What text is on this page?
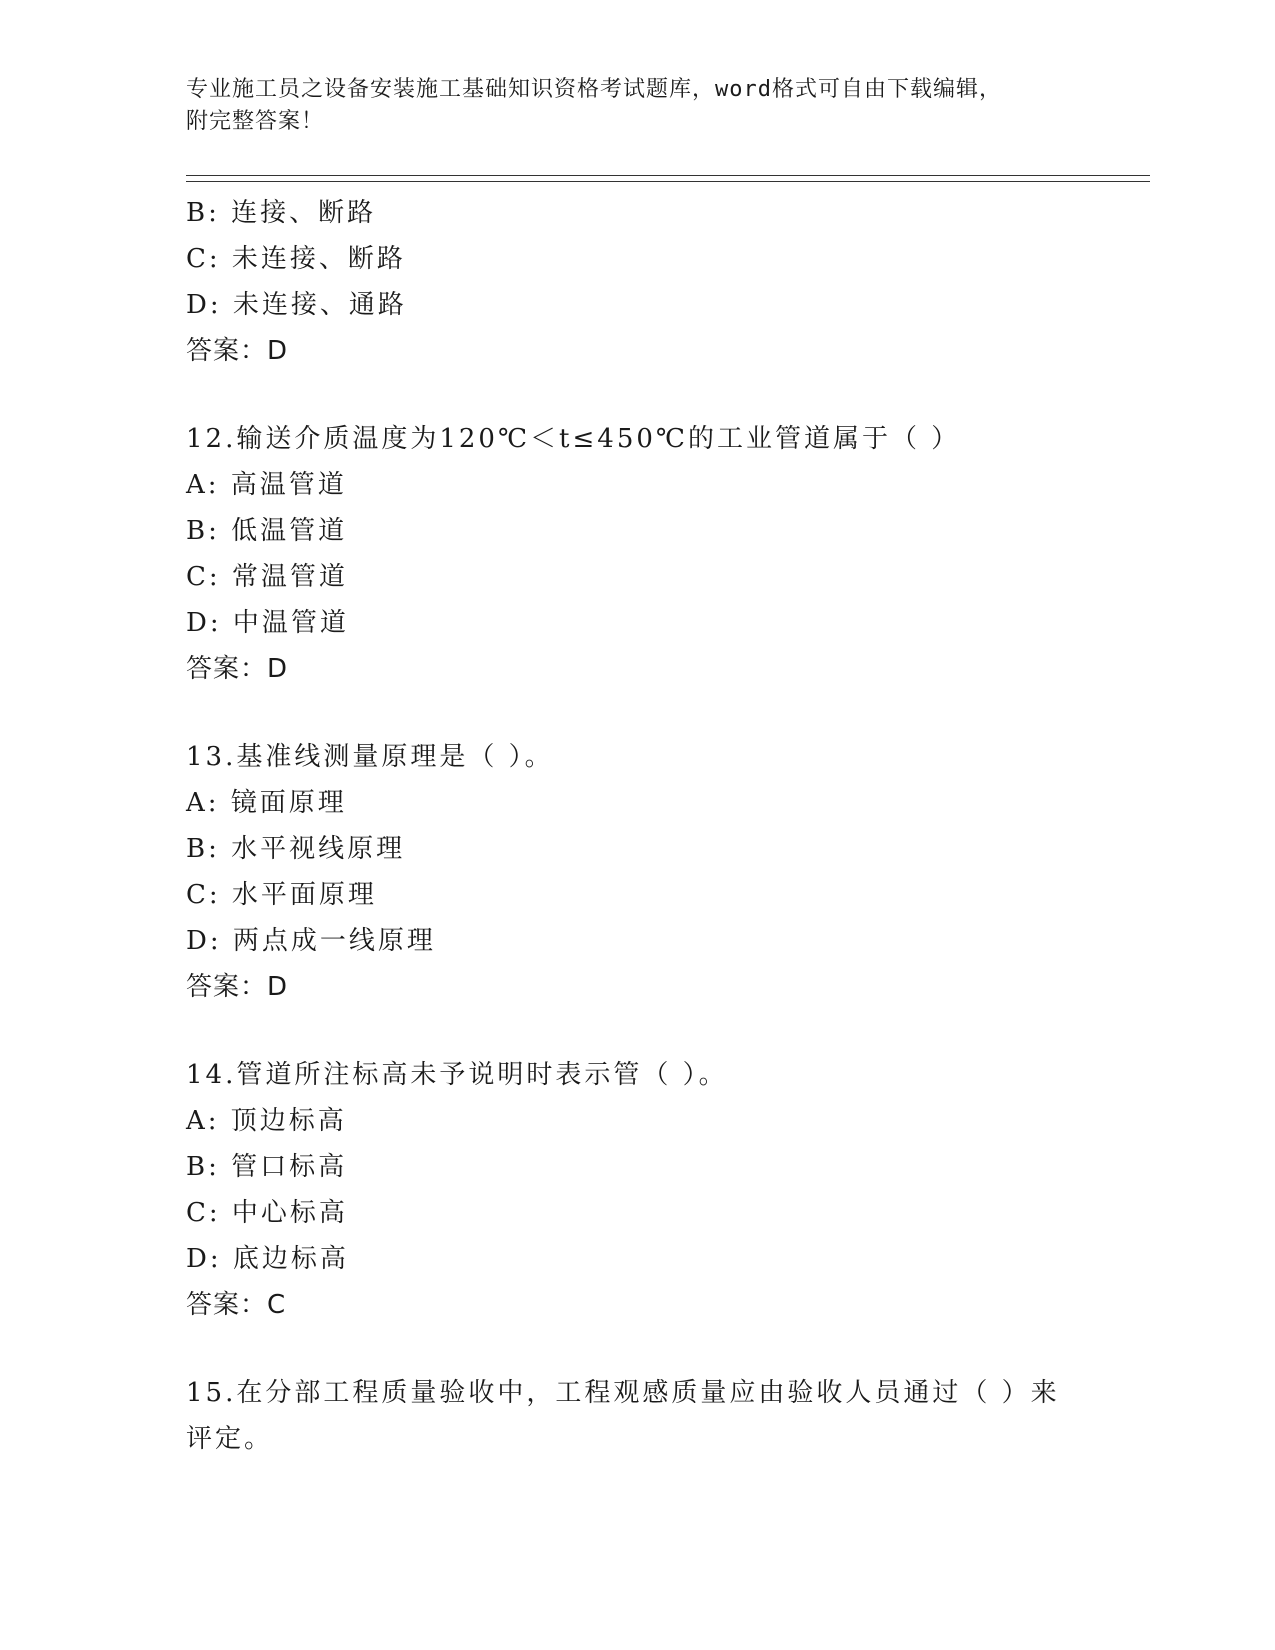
专业施工员之设备安装施工基础知识资格考试题库，word格式可自由下载编辑，
附完整答案！
B: 连接、断路
C: 未连接、断路
D: 未连接、通路
答案：D
12.输送介质温度为120℃＜t≤450℃的工业管道属于（ ）
A: 高温管道
B: 低温管道
C: 常温管道
D: 中温管道
答案：D
13.基准线测量原理是（ ）。
A: 镜面原理
B: 水平视线原理
C: 水平面原理
D: 两点成一线原理
答案：D
14.管道所注标高未予说明时表示管（ ）。
A: 顶边标高
B: 管口标高
C: 中心标高
D: 底边标高
答案：C
15.在分部工程质量验收中，工程观感质量应由验收人员通过（ ）来
评定。
